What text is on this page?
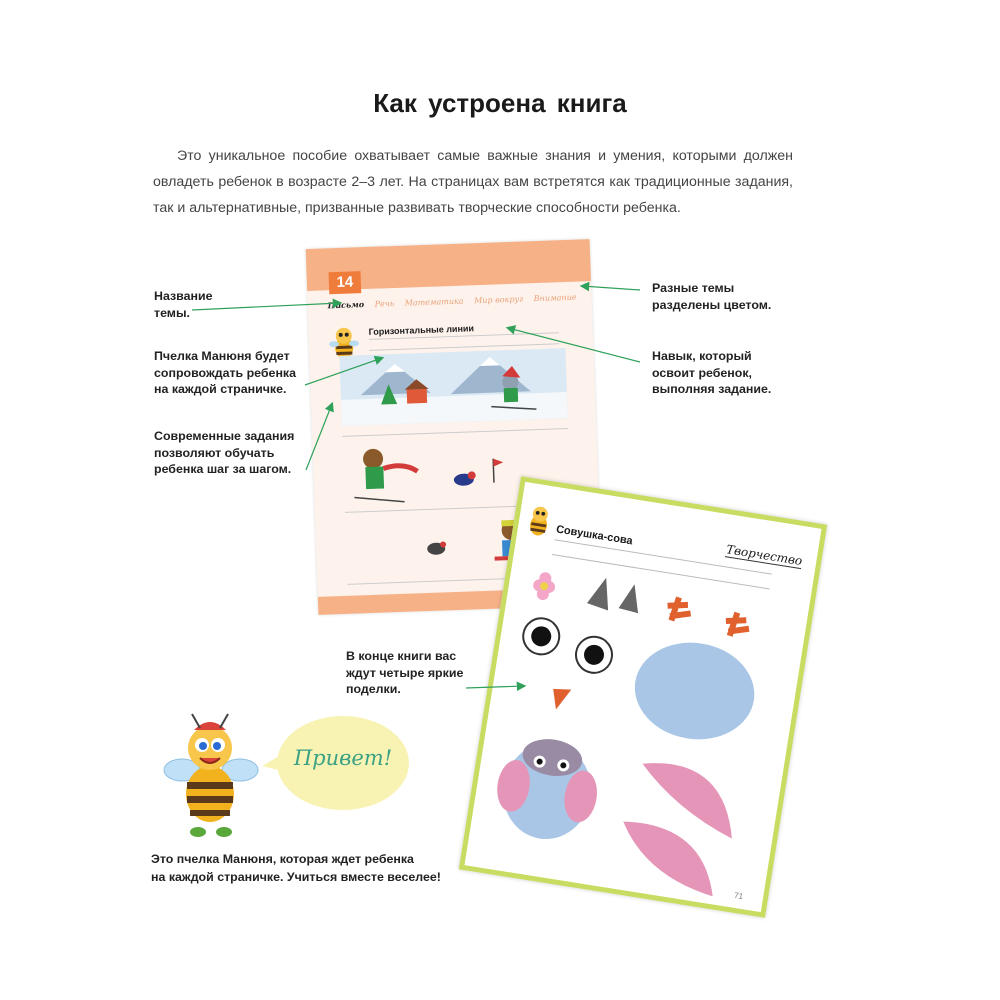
Как устроена книга
Это уникальное пособие охватывает самые важные знания и умения, которыми должен овладеть ребенок в возрасте 2–3 лет. На страницах вам встретятся как традиционные задания, так и альтернативные, призванные развивать творческие способности ребенка.
14
Письмо Речь Математика Мир вокруг Внимание
Горизонтальные линии
Творчество
Совушка-сова
71
Название
темы.
Пчелка Манюня будет
сопровождать ребенка
на каждой страничке.
Современные задания
позволяют обучать
ребенка шаг за шагом.
Разные темы
разделены цветом.
Навык, который
освоит ребенок,
выполняя задание.
В конце книги вас
ждут четыре яркие
поделки.
Привет!
Это пчелка Манюня, которая ждет ребенка
на каждой страничке. Учиться вместе веселее!
